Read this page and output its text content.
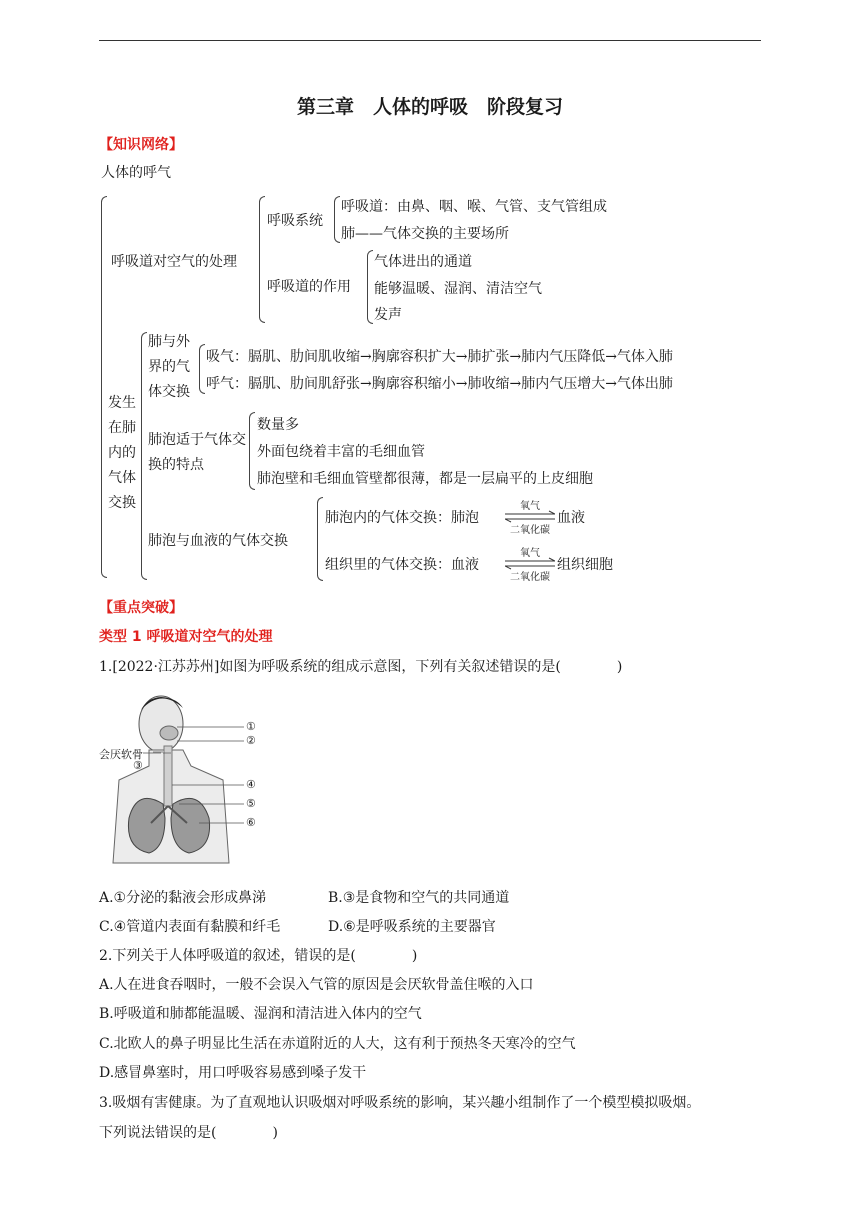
第三章　人体的呼吸　阶段复习
【知识网络】
人体的呼气
呼吸道对空气的处理
呼吸系统
呼吸道：由鼻、咽、喉、气管、支气管组成
肺——气体交换的主要场所
呼吸道的作用
气体进出的通道
能够温暖、湿润、清洁空气
发声
发生在肺内的气体交换
肺与外界的气体交换
吸气：膈肌、肋间肌收缩→胸廓容积扩大→肺扩张→肺内气压降低→气体入肺
呼气：膈肌、肋间肌舒张→胸廓容积缩小→肺收缩→肺内气压增大→气体出肺
肺泡适于气体交换的特点
数量多
外面包绕着丰富的毛细血管
肺泡壁和毛细血管壁都很薄，都是一层扁平的上皮细胞
肺泡与血液的气体交换
肺泡内的气体交换：肺泡
氧气
二氧化碳
血液
组织里的气体交换：血液
氧气
二氧化碳
组织细胞
【重点突破】
类型 1 呼吸道对空气的处理
1.[2022·江苏苏州]如图为呼吸系统的组成示意图，下列有关叙述错误的是(　　　　)
会厌软骨
①
②
③
④
⑤
⑥
A.①分泌的黏液会形成鼻涕	B.③是食物和空气的共同通道
C.④管道内表面有黏膜和纤毛	D.⑥是呼吸系统的主要器官
2.下列关于人体呼吸道的叙述，错误的是(　　　　)
A.人在进食吞咽时，一般不会误入气管的原因是会厌软骨盖住喉的入口
B.呼吸道和肺都能温暖、湿润和清洁进入体内的空气
C.北欧人的鼻子明显比生活在赤道附近的人大，这有利于预热冬天寒冷的空气
D.感冒鼻塞时，用口呼吸容易感到嗓子发干
3.吸烟有害健康。为了直观地认识吸烟对呼吸系统的影响，某兴趣小组制作了一个模型模拟吸烟。
下列说法错误的是(　　　　)
